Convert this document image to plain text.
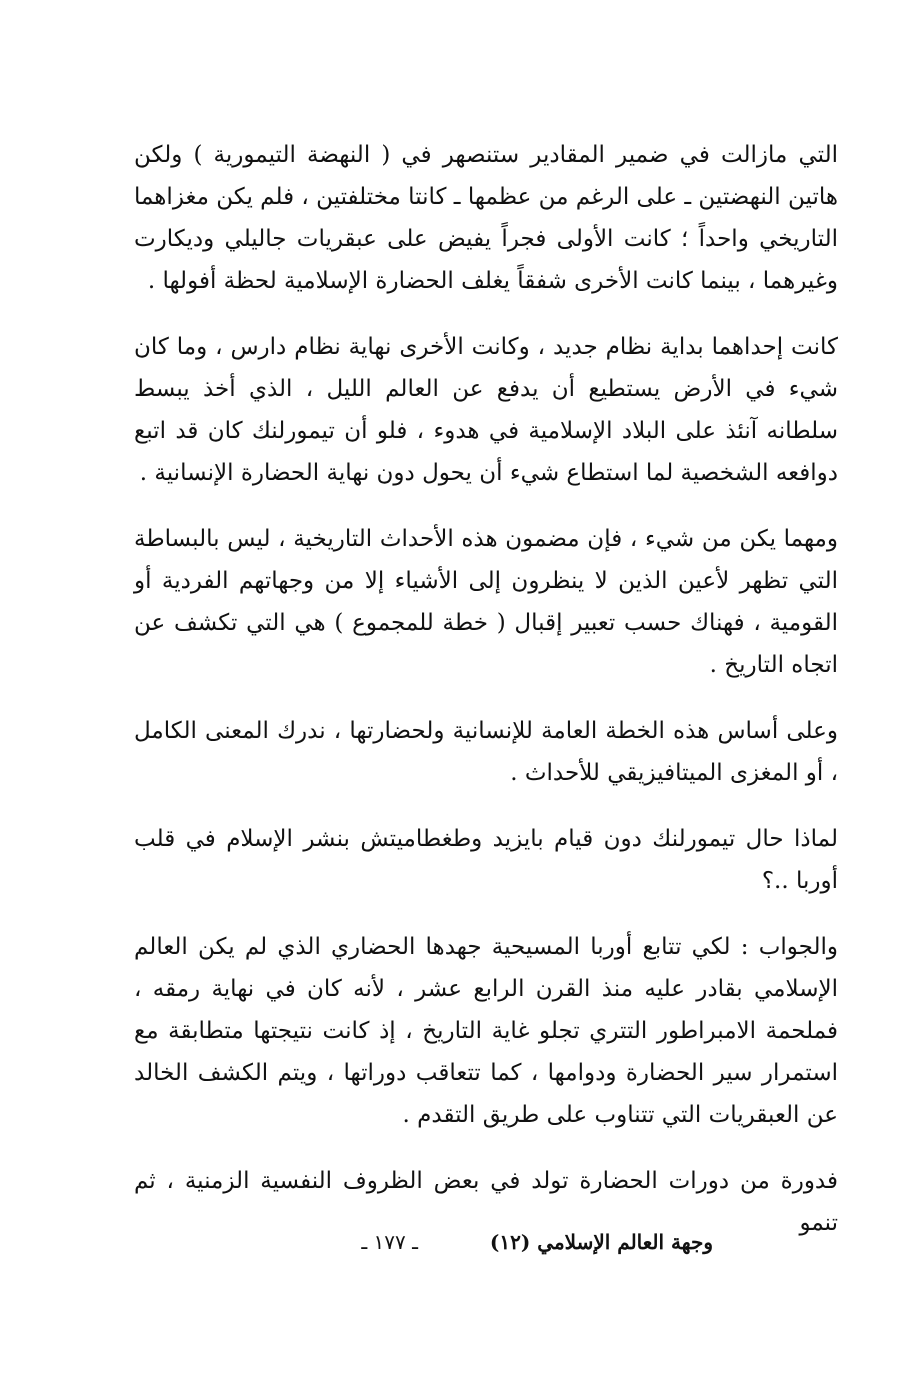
التي مازالت في ضمير المقادير ستنصهر في ( النهضة التيمورية ) ولكن هاتين النهضتين ـ على الرغم من عظمها ـ كانتا مختلفتين ، فلم يكن مغزاهما التاريخي واحداً ؛ كانت الأولى فجراً يفيض على عبقريات جاليلي وديكارت وغيرهما ، بينما كانت الأخرى شفقاً يغلف الحضارة الإسلامية لحظة أفولها .

كانت إحداهما بداية نظام جديد ، وكانت الأخرى نهاية نظام دارس ، وما كان شيء في الأرض يستطيع أن يدفع عن العالم الليل ، الذي أخذ يبسط سلطانه آنئذ على البلاد الإسلامية في هدوء ، فلو أن تيمورلنك كان قد اتبع دوافعه الشخصية لما استطاع شيء أن يحول دون نهاية الحضارة الإنسانية .

ومهما يكن من شيء ، فإن مضمون هذه الأحداث التاريخية ، ليس بالبساطة التي تظهر لأعين الذين لا ينظرون إلى الأشياء إلا من وجهاتهم الفردية أو القومية ، فهناك حسب تعبير إقبال ( خطة للمجموع ) هي التي تكشف عن اتجاه التاريخ .

وعلى أساس هذه الخطة العامة للإنسانية ولحضارتها ، ندرك المعنى الكامل ، أو المغزى الميتافيزيقي للأحداث .

لماذا حال تيمورلنك دون قيام بايزيد وطغطاميتش بنشر الإسلام في قلب أوربا ..؟

والجواب : لكي تتابع أوربا المسيحية جهدها الحضاري الذي لم يكن العالم الإسلامي بقادر عليه منذ القرن الرابع عشر ، لأنه كان في نهاية رمقه ، فملحمة الامبراطور التتري تجلو غاية التاريخ ، إذ كانت نتيجتها متطابقة مع استمرار سير الحضارة ودوامها ، كما تتعاقب دوراتها ، ويتم الكشف الخالد عن العبقريات التي تتناوب على طريق التقدم .

فدورة من دورات الحضارة تولد في بعض الظروف النفسية الزمنية ، ثم تنمو

وجهة العالم الإسلامي (١٢)
ـ ١٧٧ ـ
